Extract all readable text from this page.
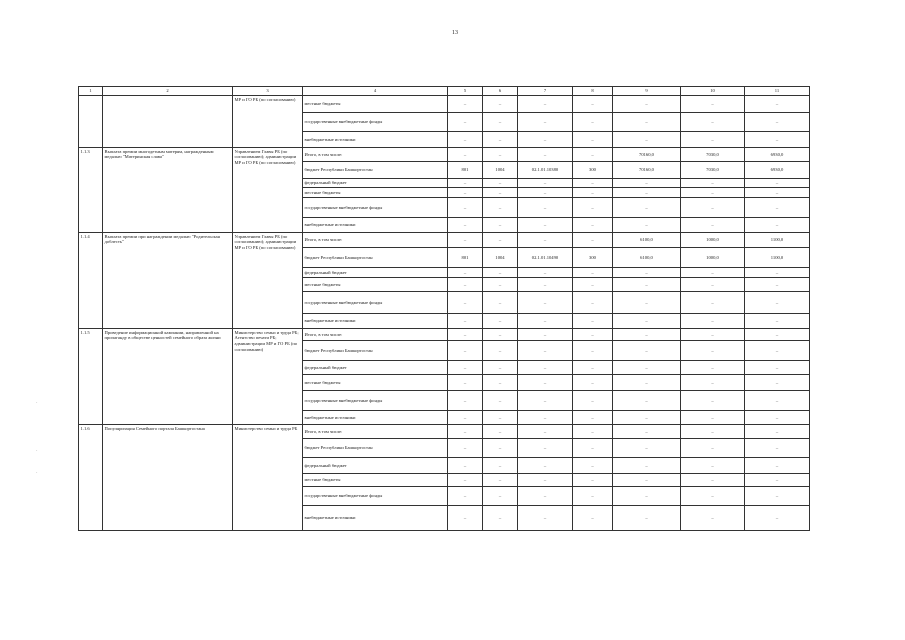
13
·
·
·
1	2	3	4	5	6	7	8	9	10	11
		МР и ГО РБ (по согласованию)	местные бюджеты	–	–	–	–	–	–	–
			государственные внебюджетные фонды	–	–	–	–	–	–	–
			внебюджетные источники	–	–	–	–	–	–	–
1.1.3	Выплата премии многодетным матерям, награжденным медалью "Материнская слава"	Управлением Главы РБ (по согласованию); администрации МР и ГО РБ (по согласованию)	Итого, в том числе:	–	–	–	–	70160,0	7030,0	6930,0
			бюджет Республики Башкортостан	801	1004	02.1.01.10380	300	70160,0	7030,0	6930,0
			федеральный бюджет	–	–	–	–	–	–	–
			местные бюджеты	–	–	–	–	–	–	–
			государственные внебюджетные фонды	–	–	–	–	–	–	–
			внебюджетные источники	–	–	–	–	–	–	–
1.1.4	Выплата премии при награждении медалью "Родительская доблесть"	Управлением Главы РБ (по согласованию); администрации МР и ГО РБ (по согласованию)	Итого, в том числе:	–	–	–	–	6100,0	1000,0	1100,0
			бюджет Республики Башкортостан	801	1004	02.1.01.10490	300	6100,0	1000,0	1100,0
			федеральный бюджет	–	–	–	–	–	–	–
			местные бюджеты	–	–	–	–	–	–	–
			государственные внебюджетные фонды	–	–	–	–	–	–	–
			внебюджетные источники	–	–	–	–	–	–	–
1.1.5	Проведение информационной кампании, направленной на пропаганду в обществе ценностей семейного образа жизни	Министерство семьи и труда РБ; Агентство печати РБ; администрации МР и ГО РБ (по согласованию)	Итого, в том числе:	–	–	–	–	–	–	–
			бюджет Республики Башкортостан	–	–	–	–	–	–	–
			федеральный бюджет	–	–	–	–	–	–	–
			местные бюджеты	–	–	–	–	–	–	–
			государственные внебюджетные фонды	–	–	–	–	–	–	–
			внебюджетные источники	–	–	–	–	–	–	–
1.1.6	Популяризация Семейного портала Башкортостана	Министерство семьи и труда РБ	Итого, в том числе:	–	–	–	–	–	–	–
			бюджет Республики Башкортостан	–	–	–	–	–	–	–
			федеральный бюджет	–	–	–	–	–	–	–
			местные бюджеты	–	–	–	–	–	–	–
			государственные внебюджетные фонды	–	–	–	–	–	–	–
			внебюджетные источники	–	–	–	–	–	–	–
